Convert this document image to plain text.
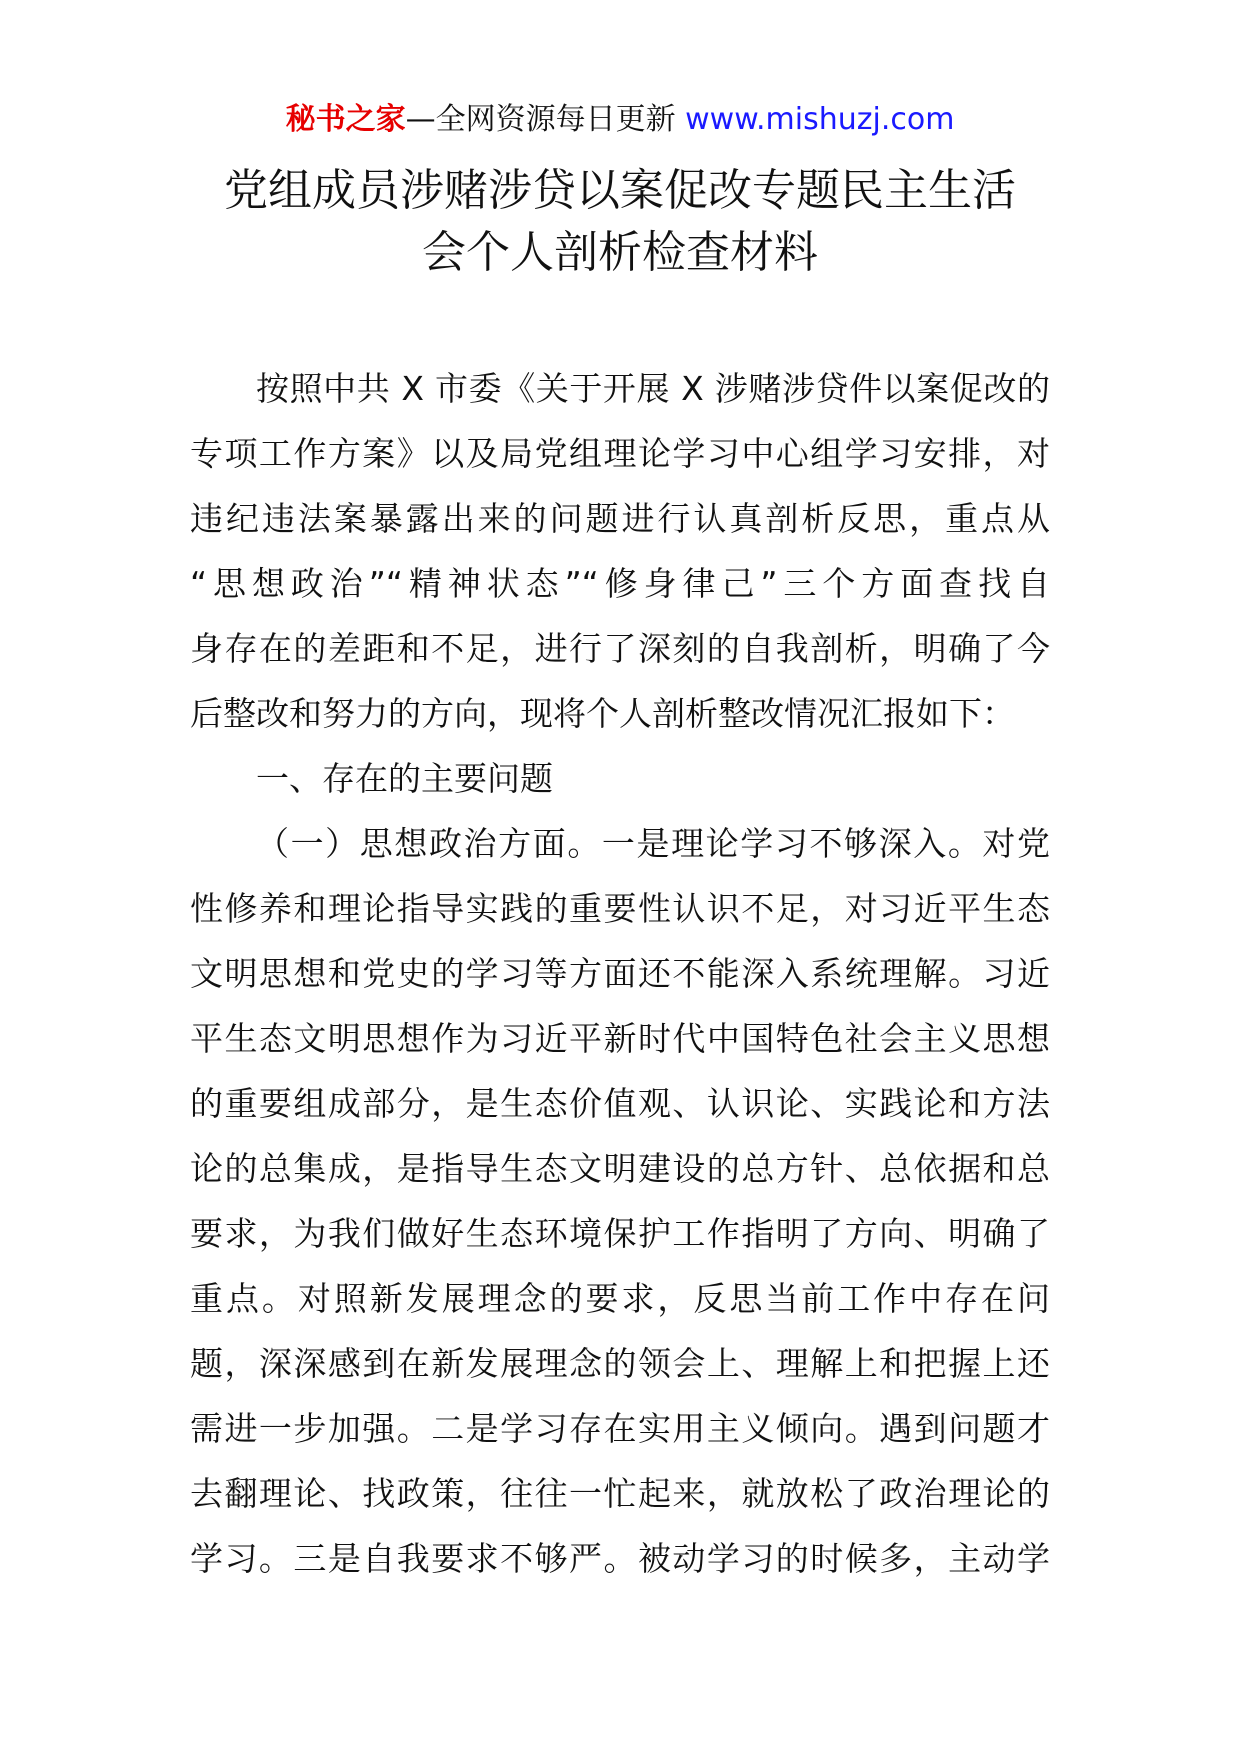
秘书之家—全网资源每日更新 www.mishuzj.com
党组成员涉赌涉贷以案促改专题民主生活
会个人剖析检查材料
按照中共 X 市委《关于开展 X 涉赌涉贷件以案促改的
专项工作方案》以及局党组理论学习中心组学习安排，对
违纪违法案暴露出来的问题进行认真剖析反思，重点从
“思想政治”“精神状态”“修身律己”三个方面查找自
身存在的差距和不足，进行了深刻的自我剖析，明确了今
后整改和努力的方向，现将个人剖析整改情况汇报如下：
一、存在的主要问题
（一）思想政治方面。一是理论学习不够深入。对党
性修养和理论指导实践的重要性认识不足，对习近平生态
文明思想和党史的学习等方面还不能深入系统理解。习近
平生态文明思想作为习近平新时代中国特色社会主义思想
的重要组成部分，是生态价值观、认识论、实践论和方法
论的总集成，是指导生态文明建设的总方针、总依据和总
要求，为我们做好生态环境保护工作指明了方向、明确了
重点。对照新发展理念的要求，反思当前工作中存在问
题，深深感到在新发展理念的领会上、理解上和把握上还
需进一步加强。二是学习存在实用主义倾向。遇到问题才
去翻理论、找政策，往往一忙起来，就放松了政治理论的
学习。三是自我要求不够严。被动学习的时候多，主动学
